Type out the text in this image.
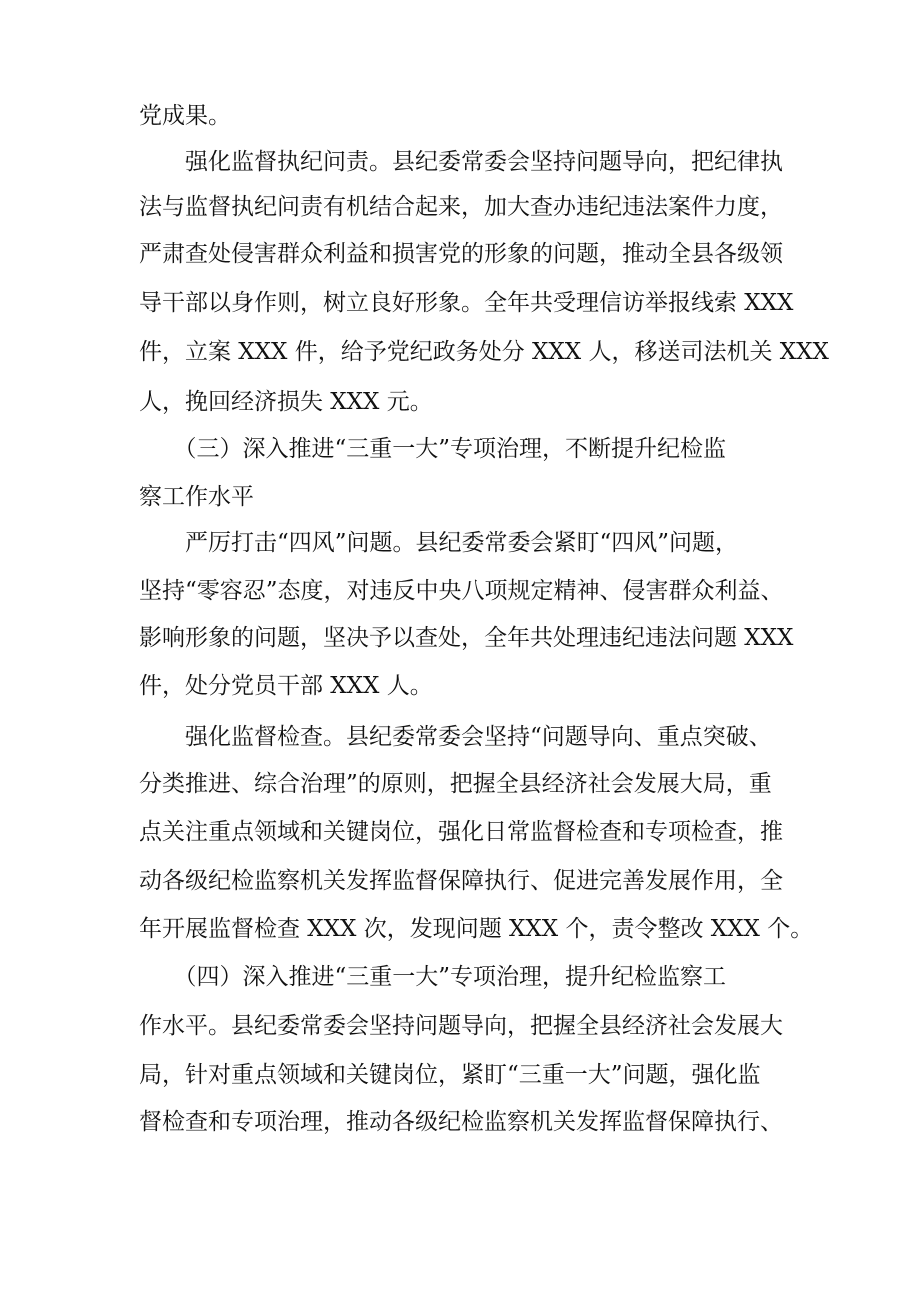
党成果。
　　强化监督执纪问责。县纪委常委会坚持问题导向，把纪律执
法与监督执纪问责有机结合起来，加大查办违纪违法案件力度，
严肃查处侵害群众利益和损害党的形象的问题，推动全县各级领
导干部以身作则，树立良好形象。全年共受理信访举报线索 XXX
件，立案 XXX 件，给予党纪政务处分 XXX 人，移送司法机关 XXX
人，挽回经济损失 XXX 元。
　　（三）深入推进“三重一大”专项治理，不断提升纪检监
察工作水平
　　严厉打击“四风”问题。县纪委常委会紧盯“四风”问题，
坚持“零容忍”态度，对违反中央八项规定精神、侵害群众利益、
影响形象的问题，坚决予以查处，全年共处理违纪违法问题 XXX
件，处分党员干部 XXX 人。
　　强化监督检查。县纪委常委会坚持“问题导向、重点突破、
分类推进、综合治理”的原则，把握全县经济社会发展大局，重
点关注重点领域和关键岗位，强化日常监督检查和专项检查，推
动各级纪检监察机关发挥监督保障执行、促进完善发展作用，全
年开展监督检查 XXX 次，发现问题 XXX 个，责令整改 XXX 个。
　　（四）深入推进“三重一大”专项治理，提升纪检监察工
作水平。县纪委常委会坚持问题导向，把握全县经济社会发展大
局，针对重点领域和关键岗位，紧盯“三重一大”问题，强化监
督检查和专项治理，推动各级纪检监察机关发挥监督保障执行、
